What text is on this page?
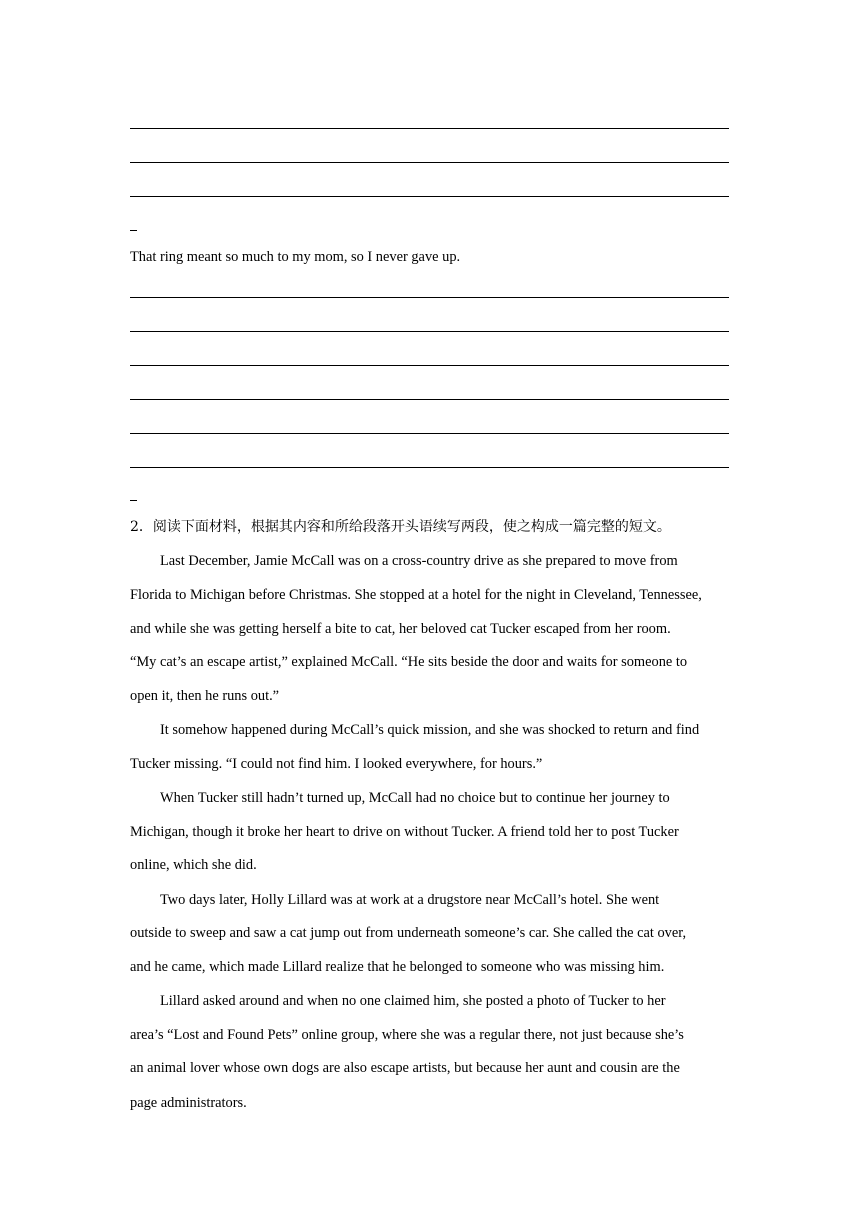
That ring meant so much to my mom, so I never gave up.
2．阅读下面材料，根据其内容和所给段落开头语续写两段，使之构成一篇完整的短文。
Last December, Jamie McCall was on a cross-country drive as she prepared to move from
Florida to Michigan before Christmas. She stopped at a hotel for the night in Cleveland, Tennessee,
and while she was getting herself a bite to cat, her beloved cat Tucker escaped from her room.
“My cat’s an escape artist,” explained McCall. “He sits beside the door and waits for someone to
open it, then he runs out.”
It somehow happened during McCall’s quick mission, and she was shocked to return and find
Tucker missing. “I could not find him. I looked everywhere, for hours.”
When Tucker still hadn’t turned up, McCall had no choice but to continue her journey to
Michigan, though it broke her heart to drive on without Tucker. A friend told her to post Tucker
online, which she did.
Two days later, Holly Lillard was at work at a drugstore near McCall’s hotel. She went
outside to sweep and saw a cat jump out from underneath someone’s car. She called the cat over,
and he came, which made Lillard realize that he belonged to someone who was missing him.
Lillard asked around and when no one claimed him, she posted a photo of Tucker to her
area’s “Lost and Found Pets” online group, where she was a regular there, not just because she’s
an animal lover whose own dogs are also escape artists, but because her aunt and cousin are the
page administrators.
